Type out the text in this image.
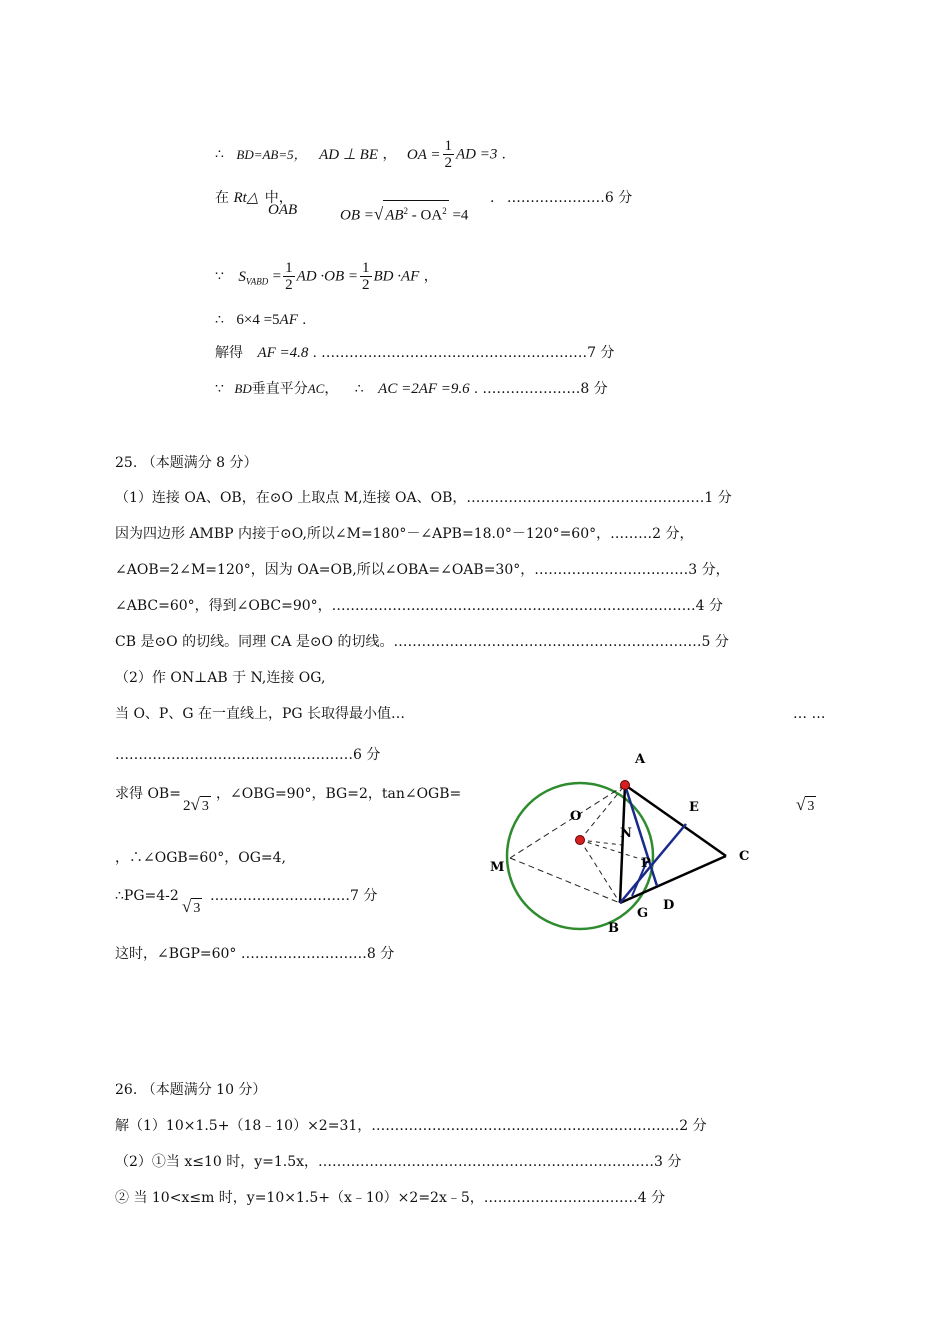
∴ BD=AB=5， AD ⊥ BE ， OA = $\frac{1}{2}$ AD =3 .
在 Rt△ 中，
OAB	OB =√ $AB^2 - OA^2 =4$
. …………………6 分
∵ $S_{VABD} = \frac{1}{2}$ AD $\cdot OB = \frac{1}{2}$ BD ·AF ，
∴ 6×4 =5AF .
解得 AF =4.8 . …………………………………………………7 分
∵ BD垂直平分AC， ∴ AC =2AF =9.6 . …………………8 分
25. （本题满分 8 分）
（1）连接 OA、OB，在⊙O 上取点 M,连接 OA、OB，……………………………………………1 分
因为四边形 AMBP 内接于⊙O,所以∠M=180°－∠APB=18.0°－120°=60°，………2 分，
∠AOB=2∠M=120°，因为 OA=OB,所以∠OBA=∠OAB=30°，……………………………3 分，
∠ABC=60°，得到∠OBC=90°，……………………………………………………………………4 分
CB 是⊙O 的切线。同理 CA 是⊙O 的切线。…………………………………………………………5 分
（2）作 ON⊥AB 于 N,连接 OG,
当 O、P、G 在一直线上，PG 长取得最小值…	… …
……………………………………………6 分
求得 OB=
2√ 3
，∠OBG=90°，BG=2，tan∠OGB=
√ 3
，∴∠OGB=60°，OG=4,
∴PG=4-2
√ 3
…………………………7 分
这时，∠BGP=60° ………………………8 分
A
E
O
N
C
M	P
D
G
B
26. （本题满分 10 分）
解（1）10×1.5+（18﹣10）×2=31，…………………………………………………………2 分
（2）①当 x≤10 时，y=1.5x，………………………………………………………………3 分
② 当 10<x≤m 时，y=10×1.5+（x﹣10）×2=2x﹣5，……………………………4 分
